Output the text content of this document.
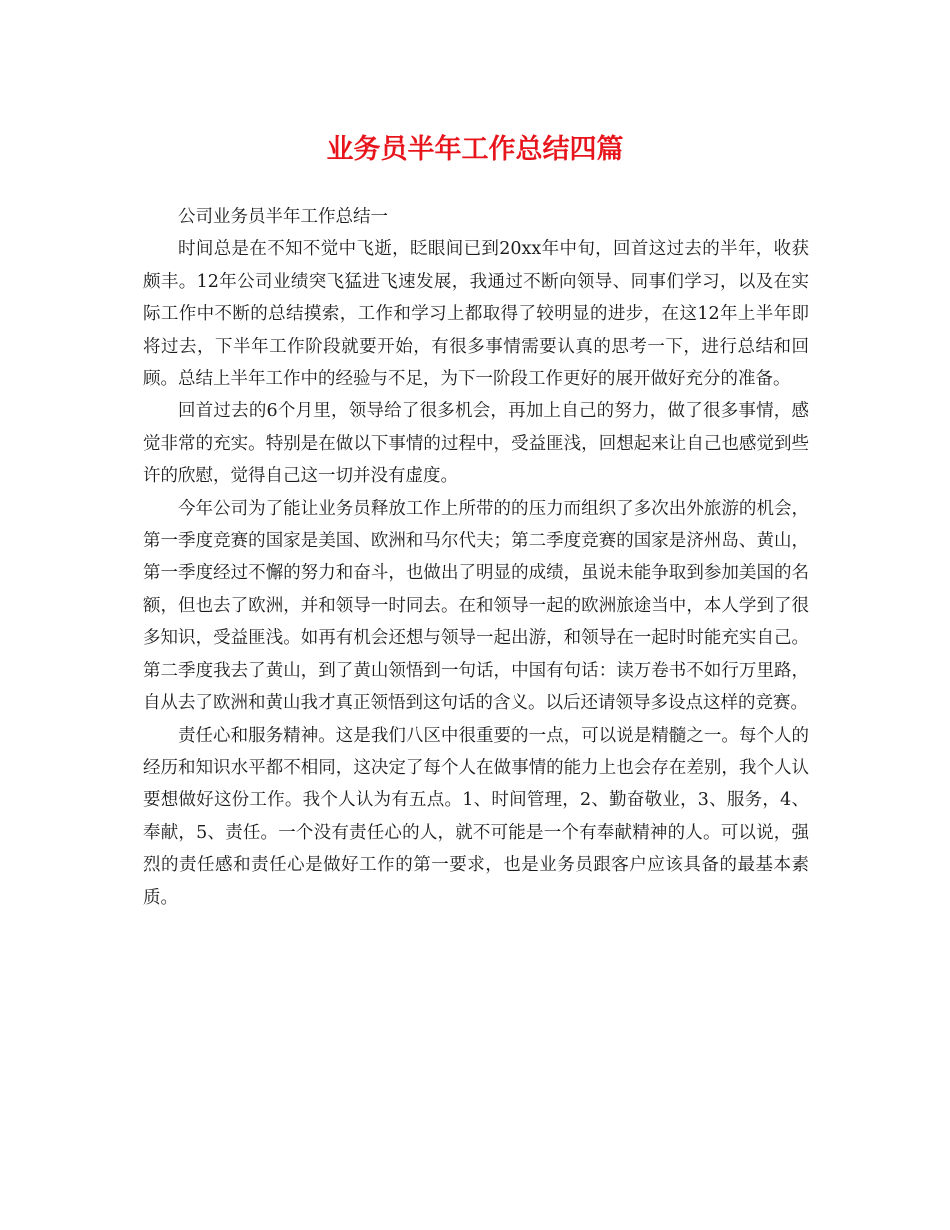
业务员半年工作总结四篇

公司业务员半年工作总结一

时间总是在不知不觉中飞逝，眨眼间已到20xx年中旬，回首这过去的半年，收获颇丰。12年公司业绩突飞猛进飞速发展，我通过不断向领导、同事们学习，以及在实际工作中不断的总结摸索，工作和学习上都取得了较明显的进步，在这12年上半年即将过去，下半年工作阶段就要开始，有很多事情需要认真的思考一下，进行总结和回顾。总结上半年工作中的经验与不足，为下一阶段工作更好的展开做好充分的准备。

回首过去的6个月里，领导给了很多机会，再加上自己的努力，做了很多事情，感觉非常的充实。特别是在做以下事情的过程中，受益匪浅，回想起来让自己也感觉到些许的欣慰，觉得自己这一切并没有虚度。

今年公司为了能让业务员释放工作上所带的的压力而组织了多次出外旅游的机会，第一季度竞赛的国家是美国、欧洲和马尔代夫；第二季度竞赛的国家是济州岛、黄山，第一季度经过不懈的努力和奋斗，也做出了明显的成绩，虽说未能争取到参加美国的名额，但也去了欧洲，并和领导一时同去。在和领导一起的欧洲旅途当中，本人学到了很多知识，受益匪浅。如再有机会还想与领导一起出游，和领导在一起时时能充实自己。第二季度我去了黄山，到了黄山领悟到一句话，中国有句话：读万卷书不如行万里路，自从去了欧洲和黄山我才真正领悟到这句话的含义。以后还请领导多设点这样的竞赛。

责任心和服务精神。这是我们八区中很重要的一点，可以说是精髓之一。每个人的经历和知识水平都不相同，这决定了每个人在做事情的能力上也会存在差别，我个人认要想做好这份工作。我个人认为有五点。1、时间管理，2、勤奋敬业，3、服务，4、奉献，5、责任。一个没有责任心的人，就不可能是一个有奉献精神的人。可以说，强烈的责任感和责任心是做好工作的第一要求，也是业务员跟客户应该具备的最基本素质。
